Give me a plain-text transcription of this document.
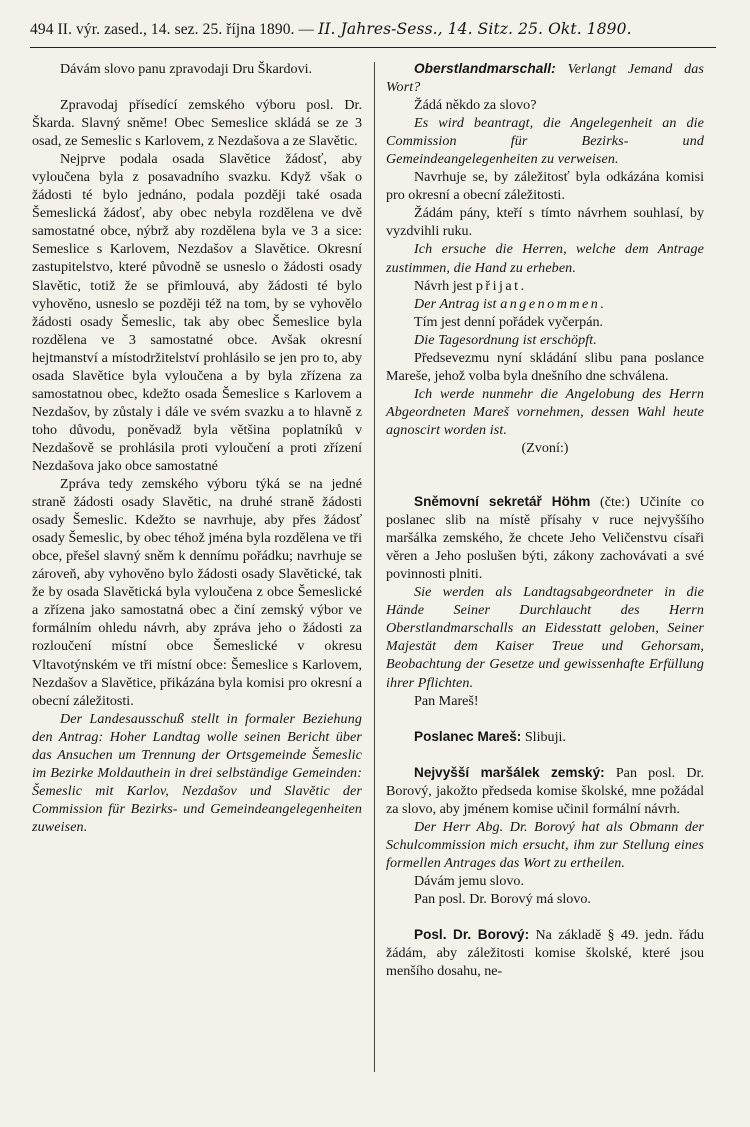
494 II. výr. zased., 14. sez. 25. října 1890. — II. Jahres-Sess., 14. Sitz. 25. Okt. 1890.

Dávám slovo panu zpravodaji Dru Škardovi.

Zpravodaj přísedící zemského výboru posl. Dr. Škarda. Slavný sněme! Obec Semeslice skládá se ze 3 osad, ze Semeslic s Karlovem, z Nezdašova a ze Slavětic.

Nejprve podala osada Slavětice žádosť, aby vyloučena byla z posavadního svazku. Když však o žádosti té bylo jednáno, podala později také osada Šemeslická žádosť, aby obec nebyla rozdělena ve dvě samostatné obce, nýbrž aby rozdělena byla ve 3 a sice: Semeslice s Karlovem, Nezdašov a Slavětice. Okresní zastupitelstvo, které původně se usneslo o žádosti osady Slavětic, totiž že se přimlouvá, aby žádosti té bylo vyhověno, usneslo se později též na tom, by se vyhovělo žádosti osady Šemeslic, tak aby obec Šemeslice byla rozdělena ve 3 samostatné obce. Avšak okresní hejtmanství a místodržitelství prohlásilo se jen pro to, aby osada Slavětice byla vyloučena a by byla zřízena za samostatnou obec, kdežto osada Šemeslice s Karlovem a Nezdašov, by zůstaly i dále ve svém svazku a to hlavně z toho důvodu, poněvadž byla většina poplatníků v Nezdašově se prohlásila proti vyloučení a proti zřízení Nezdašova jako obce samostatné

Zpráva tedy zemského výboru týká se na jedné straně žádosti osady Slavětic, na druhé straně žádosti osady Šemeslic. Kdežto se navrhuje, aby přes žádosť osady Šemeslic, by obec téhož jména byla rozdělena ve tři obce, přešel slavný sněm k dennímu pořádku; navrhuje se zároveň, aby vyhověno bylo žádosti osady Slavětické, tak že by osada Slavětická byla vyloučena z obce Šemeslické a zřízena jako samostatná obec a činí zemský výbor ve formálním ohledu návrh, aby zpráva jeho o žádosti za rozloučení místní obce Šemeslické v okresu Vltavotýnském ve tři místní obce: Šemeslice s Karlovem, Nezdašov a Slavětice, přikázána byla komisi pro okresní a obecní záležitosti.

Der Landesausschuß stellt in formaler Beziehung den Antrag: Hoher Landtag wolle seinen Bericht über das Ansuchen um Trennung der Ortsgemeinde Šemeslic im Bezirke Moldauthein in drei selbständige Gemeinden: Šemeslic mit Karlov, Nezdašov und Slavětic der Commission für Bezirks- und Gemeindeangelegenheiten zuweisen.

Oberstlandmarschall: Verlangt Jemand das Wort?

Žádá někdo za slovo?

Es wird beantragt, die Angelegenheit an die Commission für Bezirks- und Gemeindeangelegenheiten zu verweisen.

Navrhuje se, by záležitosť byla odkázána komisi pro okresní a obecní záležitosti.

Žádám pány, kteří s tímto návrhem souhlasí, by vyzdvihli ruku.

Ich ersuche die Herren, welche dem Antrage zustimmen, die Hand zu erheben.

Návrh jest přijat.

Der Antrag ist angenommen.

Tím jest denní pořádek vyčerpán.

Die Tagesordnung ist erschöpft.

Předsevezmu nyní skládání slibu pana poslance Mareše, jehož volba byla dnešního dne schválena.

Ich werde nunmehr die Angelobung des Herrn Abgeordneten Mareš vornehmen, dessen Wahl heute agnoscirt worden ist.

(Zvoní:)

Sněmovní sekretář Höhm (čte:) Učiníte co poslanec slib na místě přísahy v ruce nejvyššího maršálka zemského, že chcete Jeho Veličenstvu císaři věren a Jeho poslušen býti, zákony zachovávati a své povinnosti plniti.

Sie werden als Landtagsabgeordneter in die Hände Seiner Durchlaucht des Herrn Oberstlandmarschalls an Eidesstatt geloben, Seiner Majestät dem Kaiser Treue und Gehorsam, Beobachtung der Gesetze und gewissenhafte Erfüllung ihrer Pflichten.

Pan Mareš!

Poslanec Mareš: Slibuji.

Nejvyšší maršálek zemský: Pan posl. Dr. Borový, jakožto předseda komise školské, mne požádal za slovo, aby jménem komise učinil formální návrh.

Der Herr Abg. Dr. Borový hat als Obmann der Schulcommission mich ersucht, ihm zur Stellung eines formellen Antrages das Wort zu ertheilen.

Dávám jemu slovo.

Pan posl. Dr. Borový má slovo.

Posl. Dr. Borový: Na základě § 49. jedn. řádu žádám, aby záležitosti komise školské, které jsou menšího dosahu, ne-
